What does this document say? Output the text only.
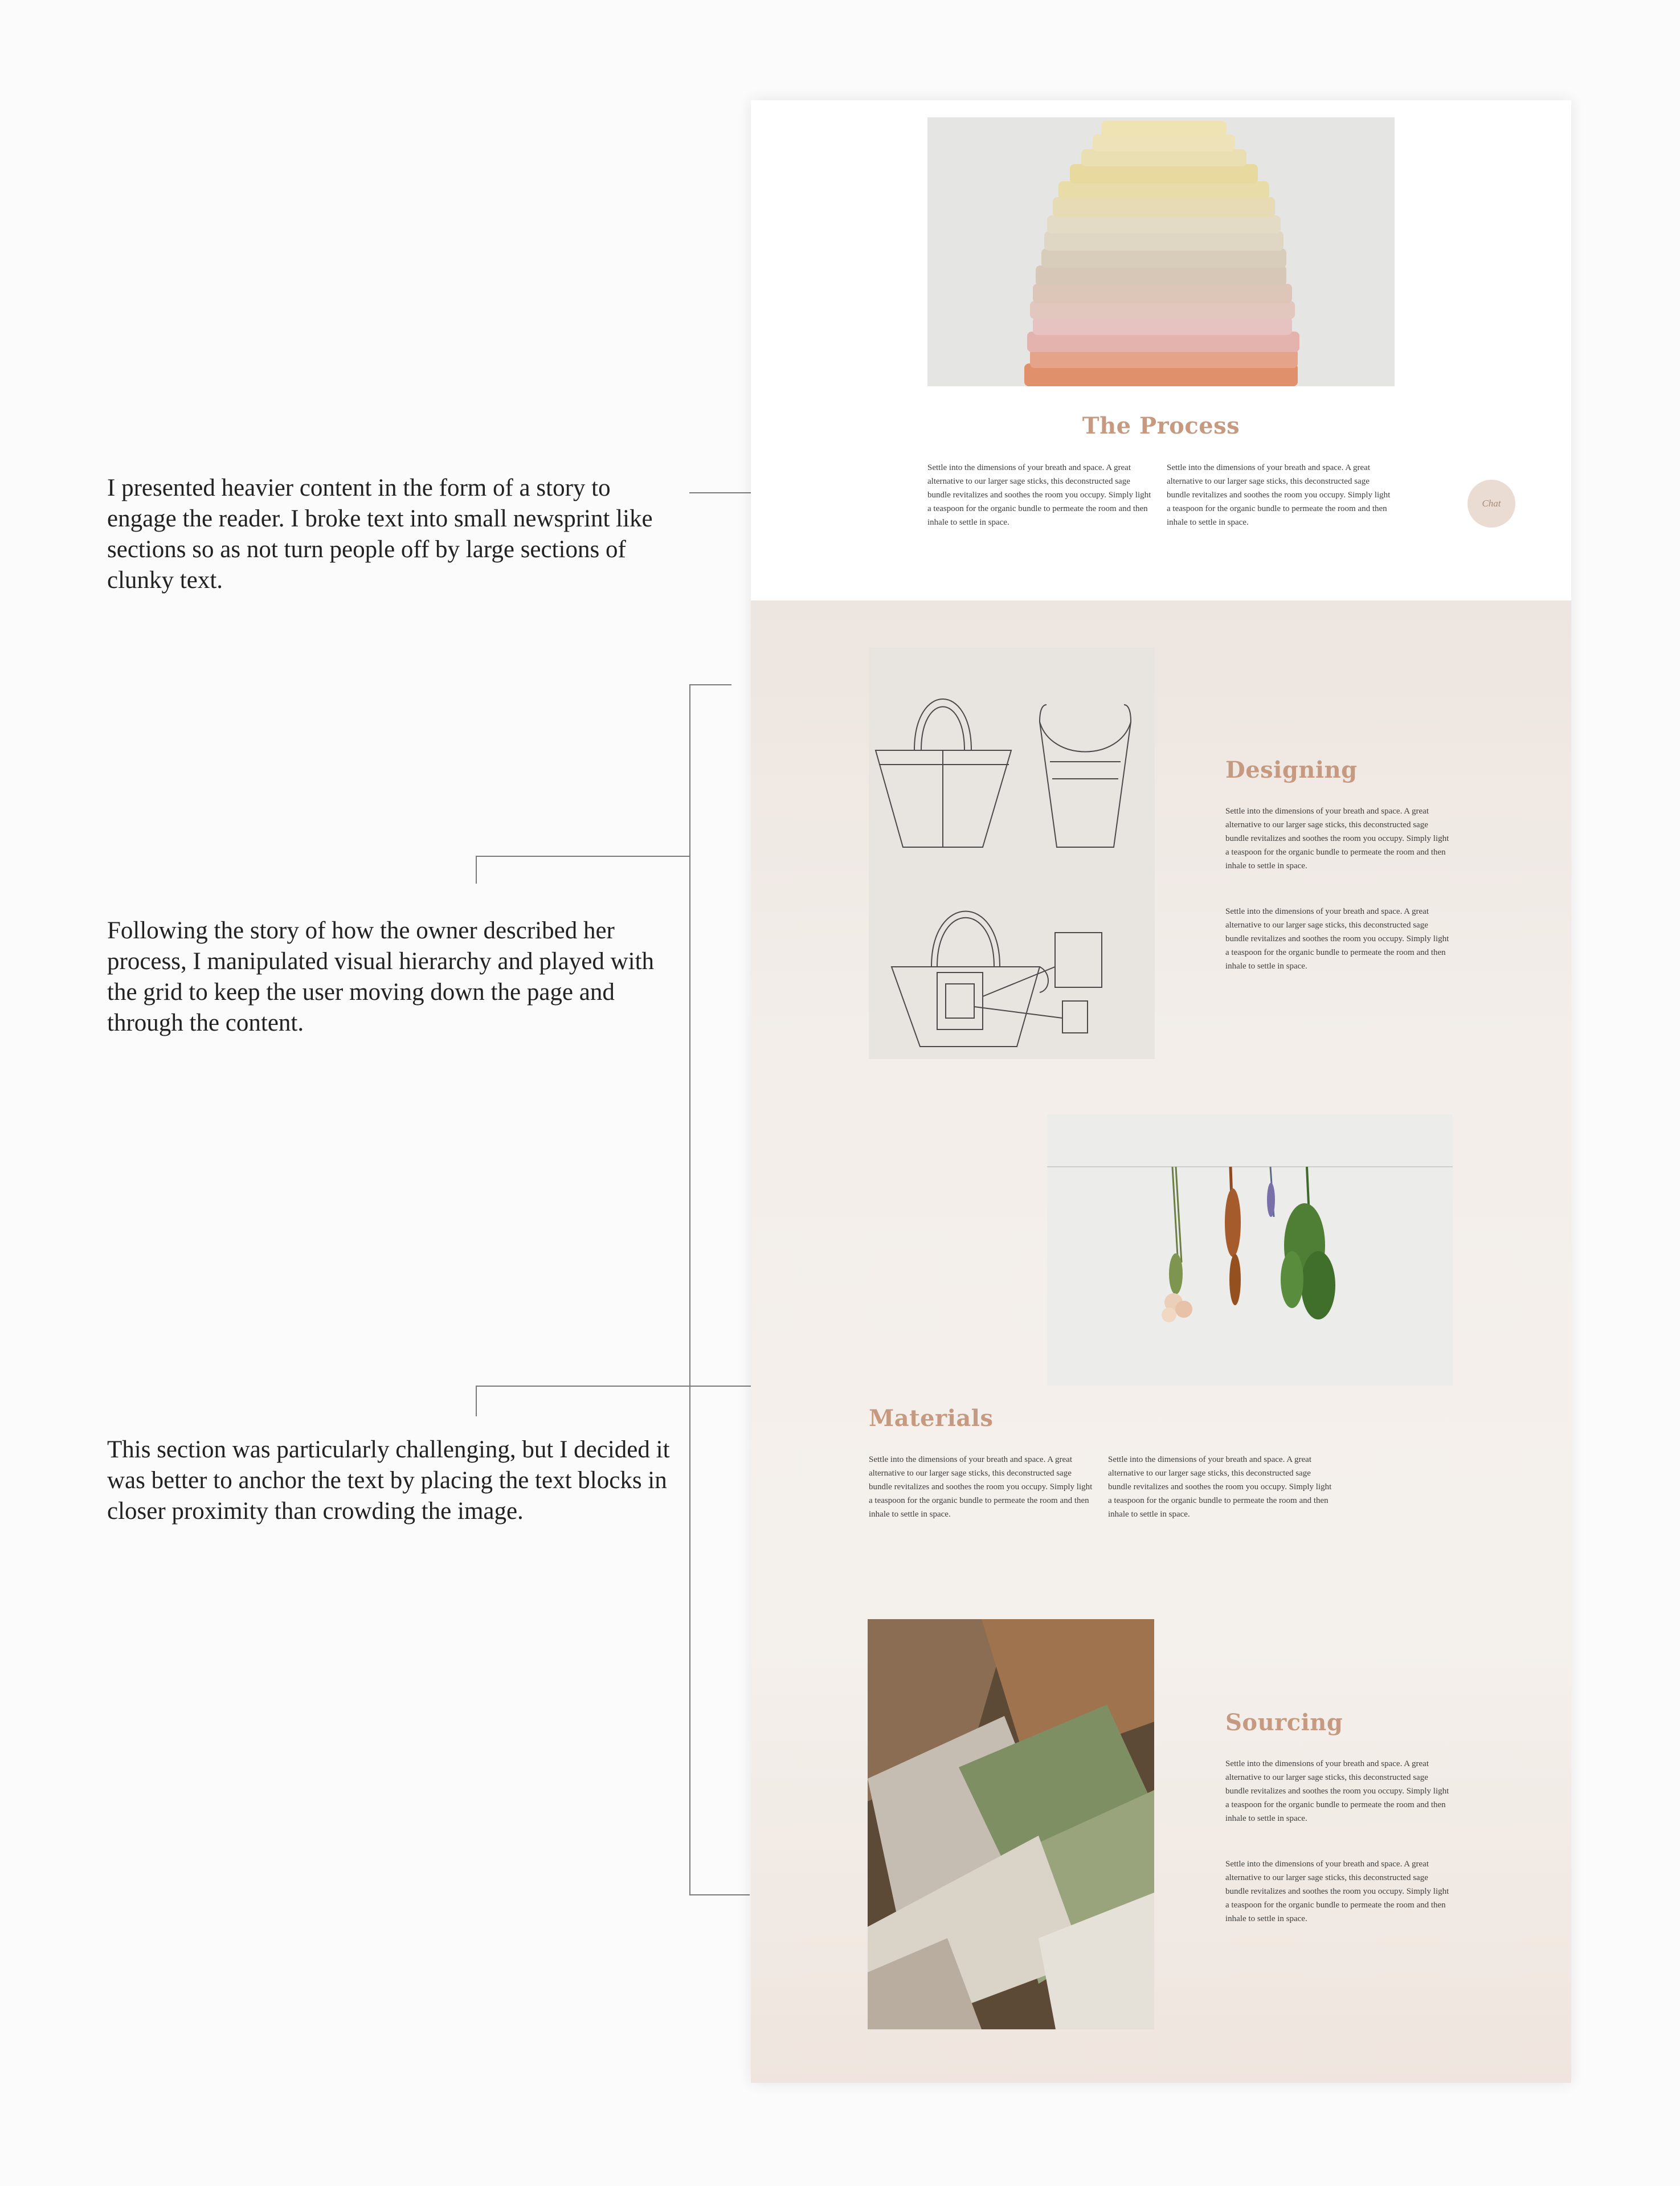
I presented heavier content in the form of a story to engage the reader. I broke text into small newsprint like sections so as not turn people off by large sections of clunky text.

Following the story of how the owner described her process, I manipulated visual hierarchy and played with the grid to keep the user moving down the page and through the content.

This section was particularly challenging, but I decided it was better to anchor the text by placing the text blocks in closer proximity than crowding the image.

The Process

Settle into the dimensions of your breath and space. A great alternative to our larger sage sticks, this deconstructed sage bundle revitalizes and soothes the room you occupy. Simply light a teaspoon for the organic bundle to permeate the room and then inhale to settle in space.

Settle into the dimensions of your breath and space. A great alternative to our larger sage sticks, this deconstructed sage bundle revitalizes and soothes the room you occupy. Simply light a teaspoon for the organic bundle to permeate the room and then inhale to settle in space.

Chat
Designing

Settle into the dimensions of your breath and space. A great alternative to our larger sage sticks, this deconstructed sage bundle revitalizes and soothes the room you occupy. Simply light a teaspoon for the organic bundle to permeate the room and then inhale to settle in space.

Settle into the dimensions of your breath and space. A great alternative to our larger sage sticks, this deconstructed sage bundle revitalizes and soothes the room you occupy. Simply light a teaspoon for the organic bundle to permeate the room and then inhale to settle in space.

Materials

Settle into the dimensions of your breath and space. A great alternative to our larger sage sticks, this deconstructed sage bundle revitalizes and soothes the room you occupy. Simply light a teaspoon for the organic bundle to permeate the room and then inhale to settle in space.

Settle into the dimensions of your breath and space. A great alternative to our larger sage sticks, this deconstructed sage bundle revitalizes and soothes the room you occupy. Simply light a teaspoon for the organic bundle to permeate the room and then inhale to settle in space.

Sourcing

Settle into the dimensions of your breath and space. A great alternative to our larger sage sticks, this deconstructed sage bundle revitalizes and soothes the room you occupy. Simply light a teaspoon for the organic bundle to permeate the room and then inhale to settle in space.

Settle into the dimensions of your breath and space. A great alternative to our larger sage sticks, this deconstructed sage bundle revitalizes and soothes the room you occupy. Simply light a teaspoon for the organic bundle to permeate the room and then inhale to settle in space.
